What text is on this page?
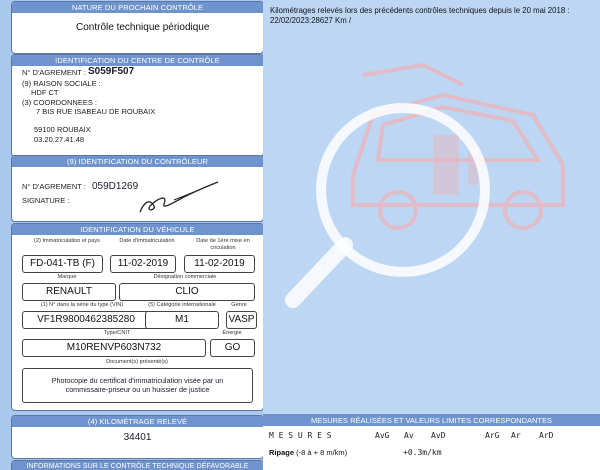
NATURE DU PROCHAIN CONTRÔLE
Contrôle technique périodique
IDENTIFICATION DU CENTRE DE CONTRÔLE
N° D'AGREMENT : S059F507
(9) RAISON SOCIALE :
HDF CT
(3) COORDONNEES :
7 BIS RUE ISABEAU DE ROUBAIX
59100 ROUBAIX
03.20.27.41.48
(9) IDENTIFICATION DU CONTRÔLEUR
N° D'AGREMENT : 059D1269
SIGNATURE :
IDENTIFICATION DU VÉHICULE
(2) Immatriculation et pays	Date d'immatriculation	Date de 1ère mise en circulation
FD-041-TB (F)	11-02-2019	11-02-2019
Marque	Désignation commerciale
RENAULT	CLIO
(1) N° dans la série du type (VIN)	(5) Catégorie internationale	Genre
VF1R9800462385280	M1	VASP
Type/CNIT	Énergie
M10RENVP603N732	GO
Document(s) présenté(s)
Photocopie du certificat d'immatriculation visée par un commissaire-priseur ou un huissier de justice
(4) KILOMÉTRAGE RELEVÉ
34401
INFORMATIONS SUR LE CONTRÔLE TECHNIQUE DÉFAVORABLE
Kilométrages relevés lors des précédents contrôles techniques depuis le 20 mai 2018 : 22/02/2023:28627 Km /
MESURES RÉALISÉES ET VALEURS LIMITES CORRESPONDANTES
M E S U R E S	AvG Av AvD	ArG Ar ArD
Ripage (-8 à + 8 m/km)	+0.3m/km
